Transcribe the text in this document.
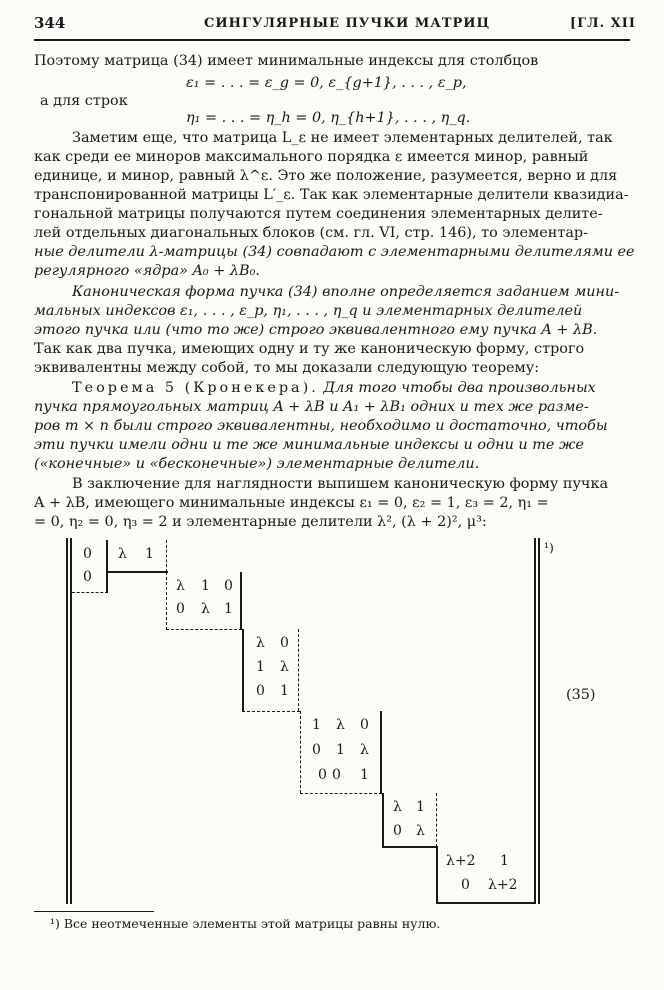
344	СИНГУЛЯРНЫЕ ПУЧКИ МАТРИЦ	[ГЛ. XII
Поэтому матрица (34) имеет минимальные индексы для столбцов
ε₁ = . . . = ε_g = 0, ε_{g+1}, . . . , ε_p,
а для строк
η₁ = . . . = η_h = 0, η_{h+1}, . . . , η_q.
Заметим еще, что матрица L_ε не имеет элементарных делителей, так
как среди ее миноров максимального порядка ε имеется минор, равный
единице, и минор, равный λ^ε. Это же положение, разумеется, верно и для
транспонированной матрицы L′_ε. Так как элементарные делители квазидиа-
гональной матрицы получаются путем соединения элементарных делите-
лей отдельных диагональных блоков (см. гл. VI, стр. 146), то элементар-
ные делители λ-матрицы (34) совпадают с элементарными делителями ее
регулярного «ядра» A₀ + λB₀.
Каноническая форма пучка (34) вполне определяется заданием мини-
мальных индексов ε₁, . . . , ε_p, η₁, . . . , η_q и элементарных делителей
этого пучка или (что то же) строго эквивалентного ему пучка A + λB.
Так как два пучка, имеющих одну и ту же каноническую форму, строго
эквивалентны между собой, то мы доказали следующую теорему:
Теорема 5 (Кронекера). Для того чтобы два произвольных
пучка прямоугольных матриц A + λB и A₁ + λB₁ одних и тех же разме-
ров m × n были строго эквивалентны, необходимо и достаточно, чтобы
эти пучки имели одни и те же минимальные индексы и одни и те же
(«конечные» и «бесконечные») элементарные делители.
В заключение для наглядности выпишем каноническую форму пучка
A + λB, имеющего минимальные индексы ε₁ = 0, ε₂ = 1, ε₃ = 2, η₁ =
= 0, η₂ = 0, η₃ = 2 и элементарные делители λ², (λ + 2)², μ³:
¹)
(35)
0
0
λ 1
λ 1 0
0 λ 1
λ 0
1 λ
0 1
1 λ 0
0 1 λ
0 0 1
λ 1
0 λ
λ+2 1
0 λ+2
¹) Все неотмеченные элементы этой матрицы равны нулю.
